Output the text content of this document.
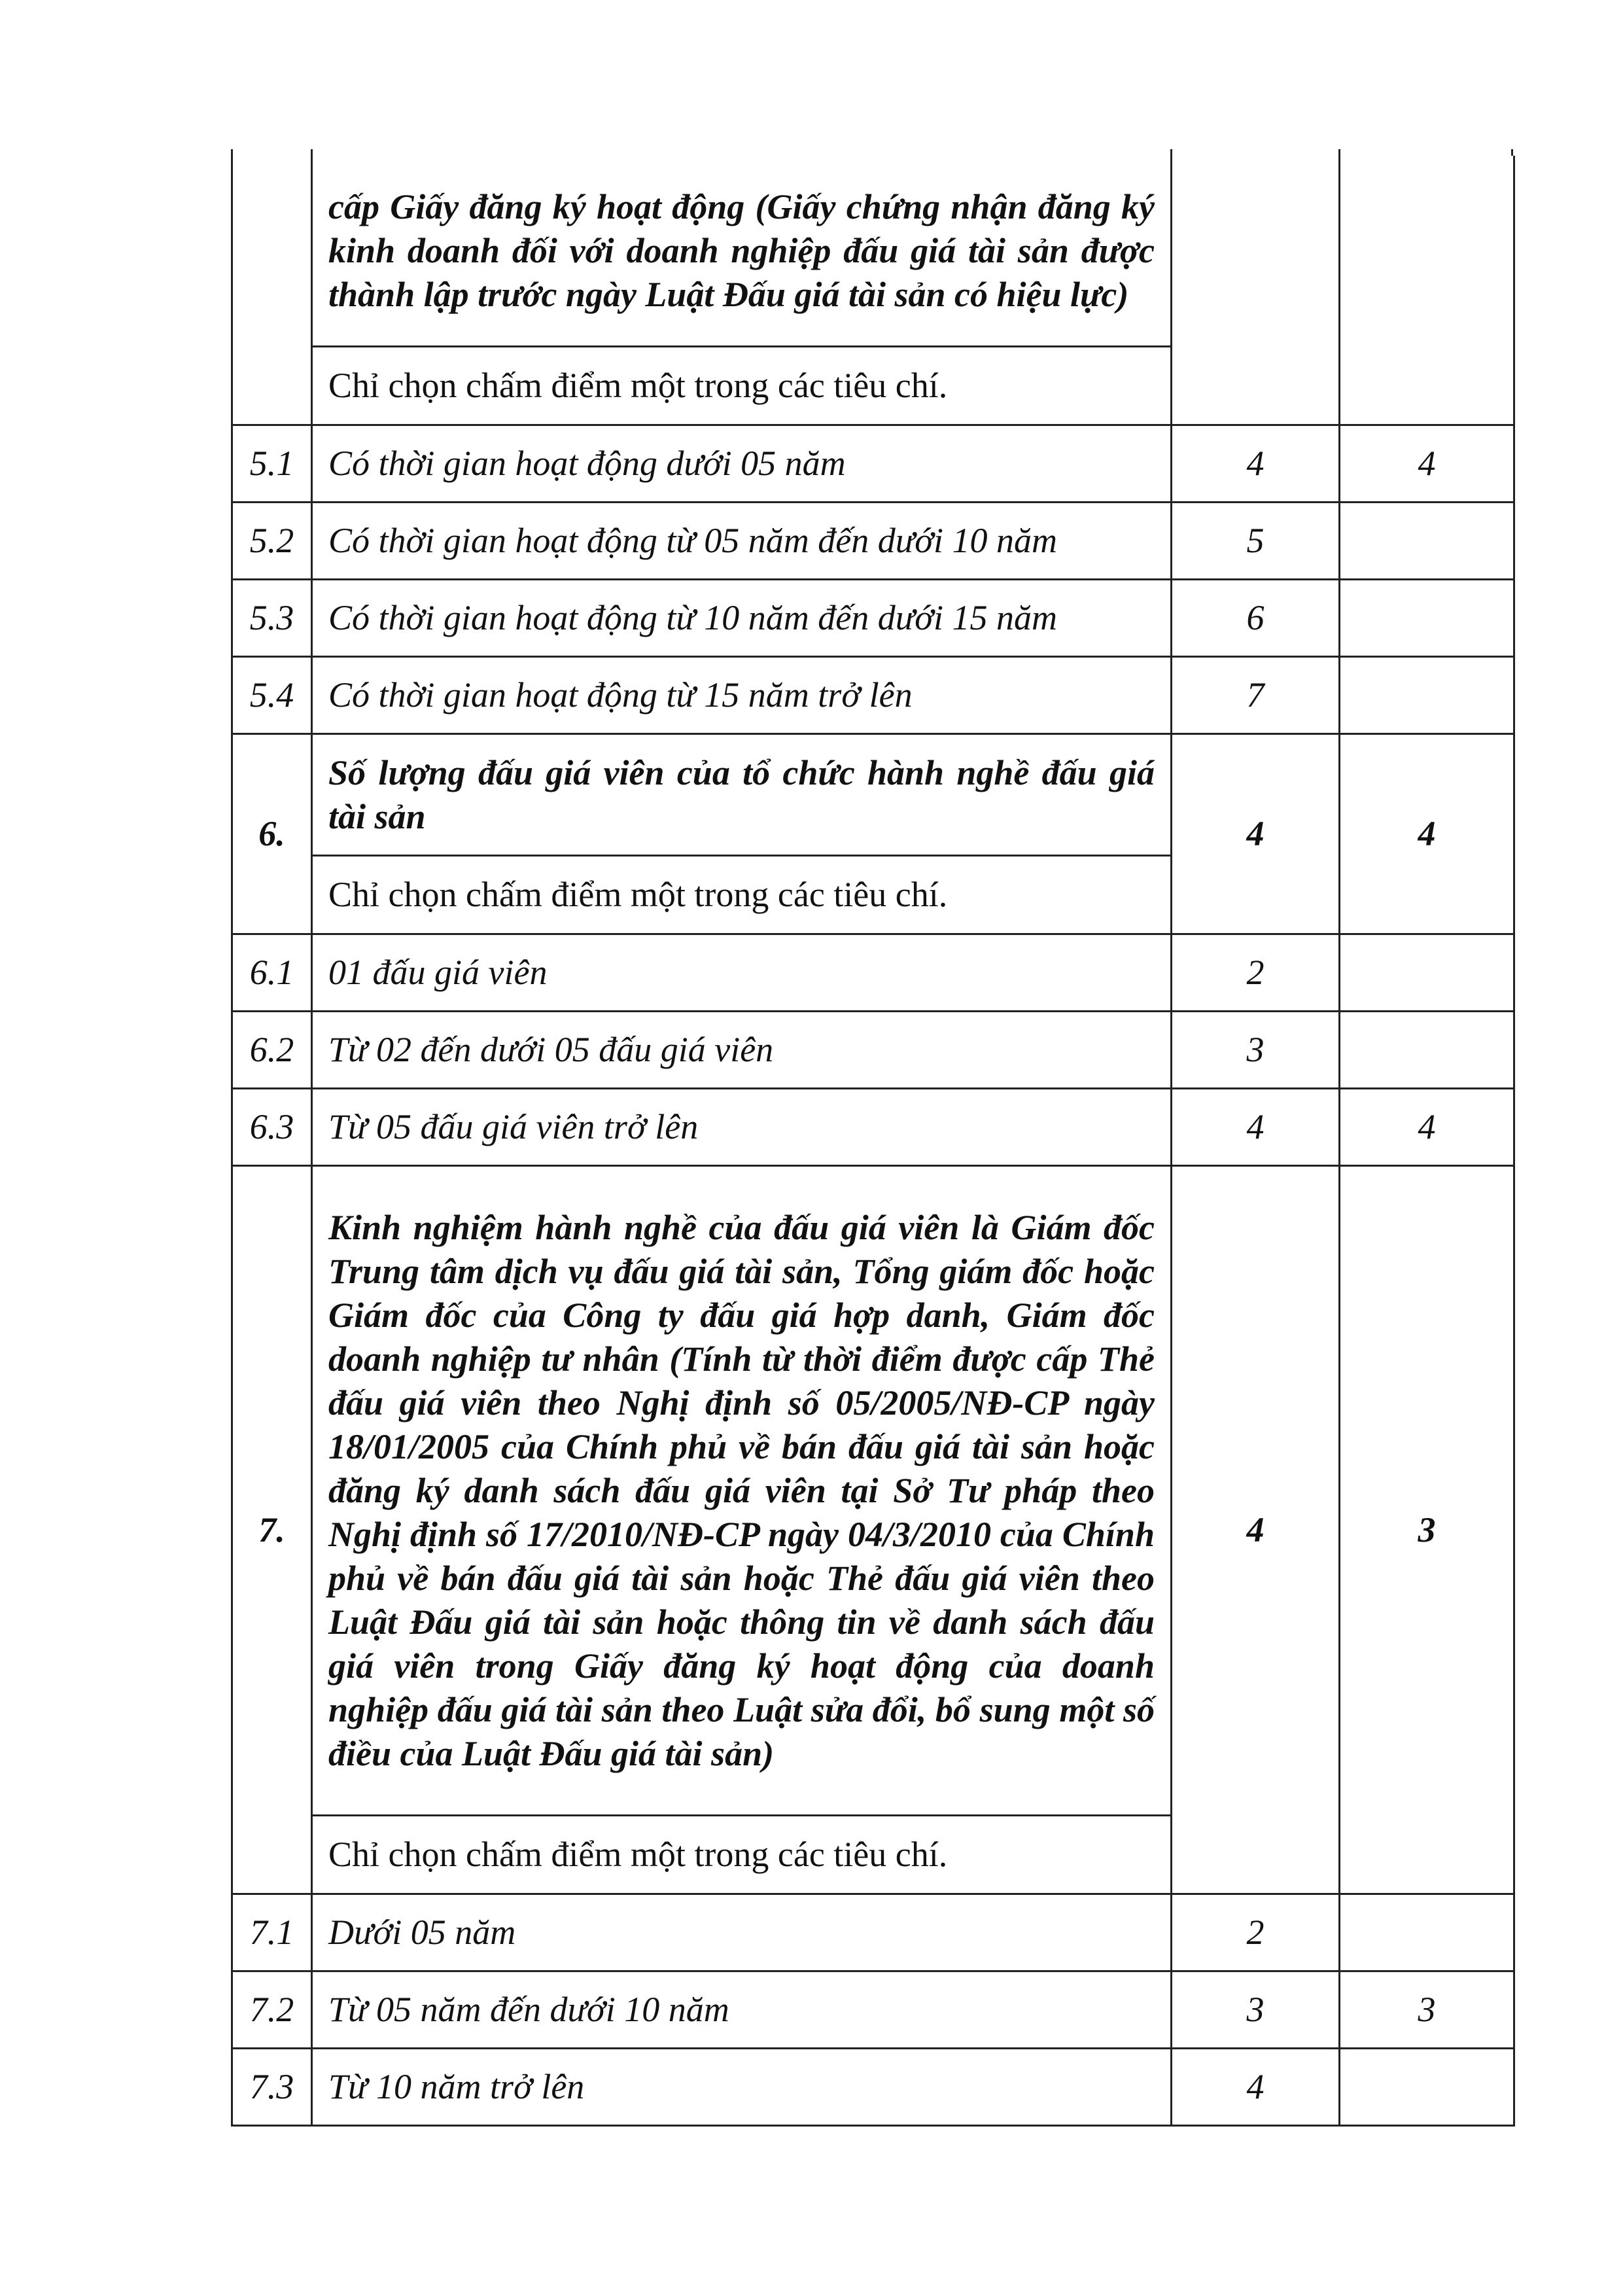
	cấp Giấy đăng ký hoạt động (Giấy chứng nhận đăng ký kinh doanh đối với doanh nghiệp đấu giá tài sản được thành lập trước ngày Luật Đấu giá tài sản có hiệu lực)		
	Chỉ chọn chấm điểm một trong các tiêu chí.		
5.1	Có thời gian hoạt động dưới 05 năm	4	4
5.2	Có thời gian hoạt động từ 05 năm đến dưới 10 năm	5	
5.3	Có thời gian hoạt động từ 10 năm đến dưới 15 năm	6	
5.4	Có thời gian hoạt động từ 15 năm trở lên	7	
6.	Số lượng đấu giá viên của tổ chức hành nghề đấu giá tài sản	4	4
	Chỉ chọn chấm điểm một trong các tiêu chí.		
6.1	01 đấu giá viên	2	
6.2	Từ 02 đến dưới 05 đấu giá viên	3	
6.3	Từ 05 đấu giá viên trở lên	4	4
7.	Kinh nghiệm hành nghề của đấu giá viên là Giám đốc Trung tâm dịch vụ đấu giá tài sản, Tổng giám đốc hoặc Giám đốc của Công ty đấu giá hợp danh, Giám đốc doanh nghiệp tư nhân (Tính từ thời điểm được cấp Thẻ đấu giá viên theo Nghị định số 05/2005/NĐ-CP ngày 18/01/2005 của Chính phủ về bán đấu giá tài sản hoặc đăng ký danh sách đấu giá viên tại Sở Tư pháp theo Nghị định số 17/2010/NĐ-CP ngày 04/3/2010 của Chính phủ về bán đấu giá tài sản hoặc Thẻ đấu giá viên theo Luật Đấu giá tài sản hoặc thông tin về danh sách đấu giá viên trong Giấy đăng ký hoạt động của doanh nghiệp đấu giá tài sản theo Luật sửa đổi, bổ sung một số điều của Luật Đấu giá tài sản)	4	3
	Chỉ chọn chấm điểm một trong các tiêu chí.		
7.1	Dưới 05 năm	2	
7.2	Từ 05 năm đến dưới 10 năm	3	3
7.3	Từ 10 năm trở lên	4	
